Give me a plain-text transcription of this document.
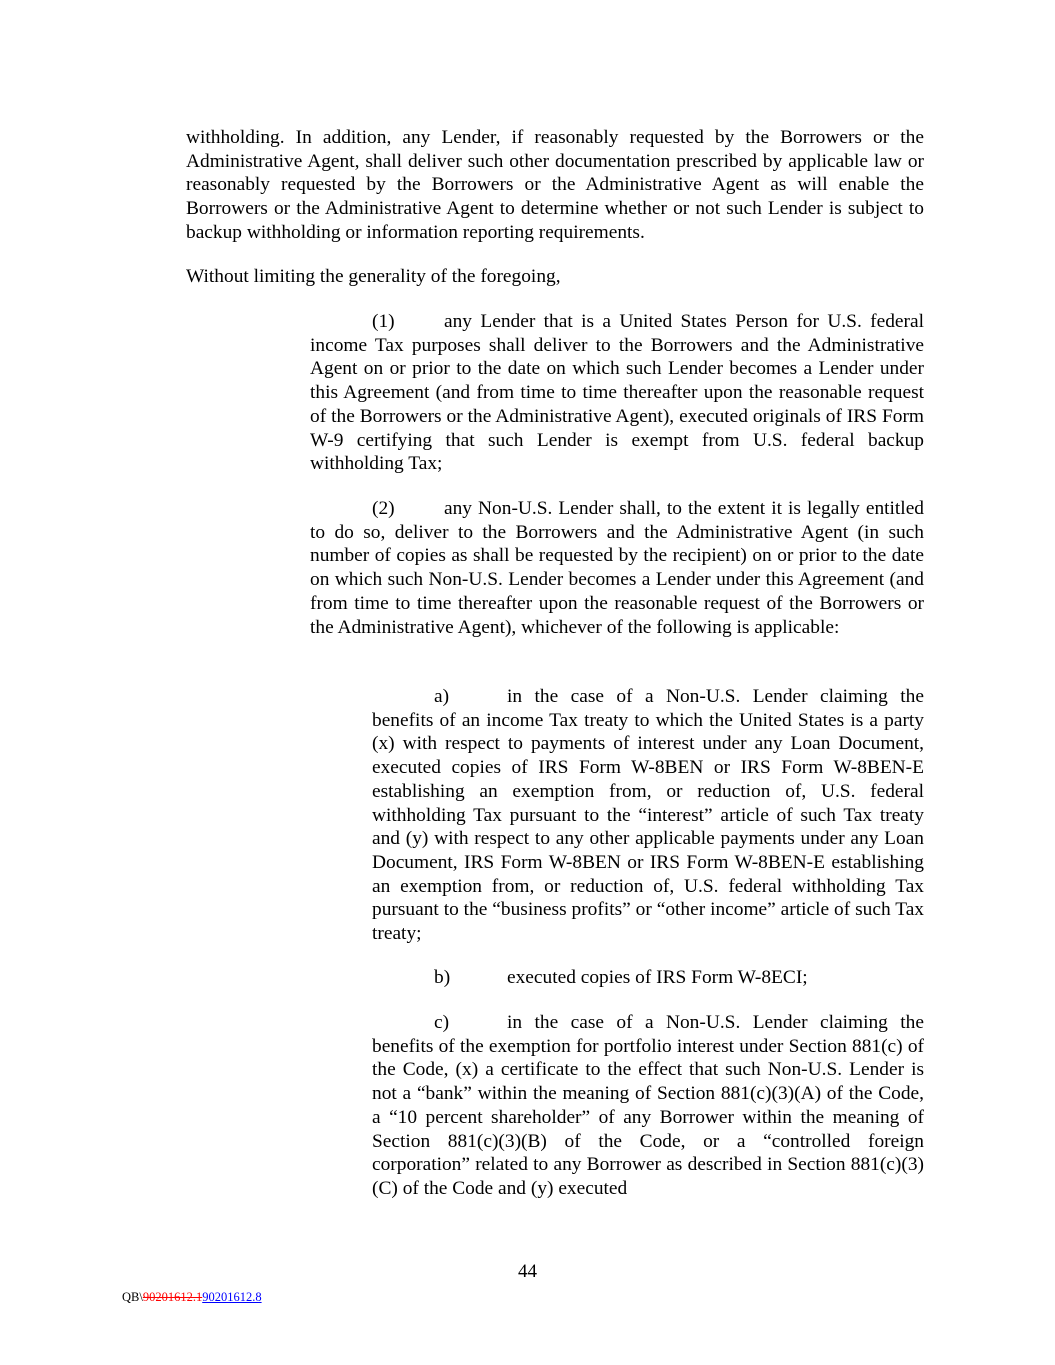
withholding. In addition, any Lender, if reasonably requested by the Borrowers or the Administrative Agent, shall deliver such other documentation prescribed by applicable law or reasonably requested by the Borrowers or the Administrative Agent as will enable the Borrowers or the Administrative Agent to determine whether or not such Lender is subject to backup withholding or information reporting requirements.

Without limiting the generality of the foregoing,

(1)	any Lender that is a United States Person for U.S. federal income Tax purposes shall deliver to the Borrowers and the Administrative Agent on or prior to the date on which such Lender becomes a Lender under this Agreement (and from time to time thereafter upon the reasonable request of the Borrowers or the Administrative Agent), executed originals of IRS Form W-9 certifying that such Lender is exempt from U.S. federal backup withholding Tax;

(2)	any Non-U.S. Lender shall, to the extent it is legally entitled to do so, deliver to the Borrowers and the Administrative Agent (in such number of copies as shall be requested by the recipient) on or prior to the date on which such Non-U.S. Lender becomes a Lender under this Agreement (and from time to time thereafter upon the reasonable request of the Borrowers or the Administrative Agent), whichever of the following is applicable:

a)	in the case of a Non-U.S. Lender claiming the benefits of an income Tax treaty to which the United States is a party (x) with respect to payments of interest under any Loan Document, executed copies of IRS Form W-8BEN or IRS Form W-8BEN-E establishing an exemption from, or reduction of, U.S. federal withholding Tax pursuant to the “interest” article of such Tax treaty and (y) with respect to any other applicable payments under any Loan Document, IRS Form W-8BEN or IRS Form W-8BEN-E establishing an exemption from, or reduction of, U.S. federal withholding Tax pursuant to the “business profits” or “other income” article of such Tax treaty;

b)	executed copies of IRS Form W-8ECI;

c)	in the case of a Non-U.S. Lender claiming the benefits of the exemption for portfolio interest under Section 881(c) of the Code, (x) a certificate to the effect that such Non-U.S. Lender is not a “bank” within the meaning of Section 881(c)(3)(A) of the Code, a “10 percent shareholder” of any Borrower within the meaning of Section 881(c)(3)(B) of the Code, or a “controlled foreign corporation” related to any Borrower as described in Section 881(c)(3)(C) of the Code and (y) executed

44
QB\90201612.190201612.8
